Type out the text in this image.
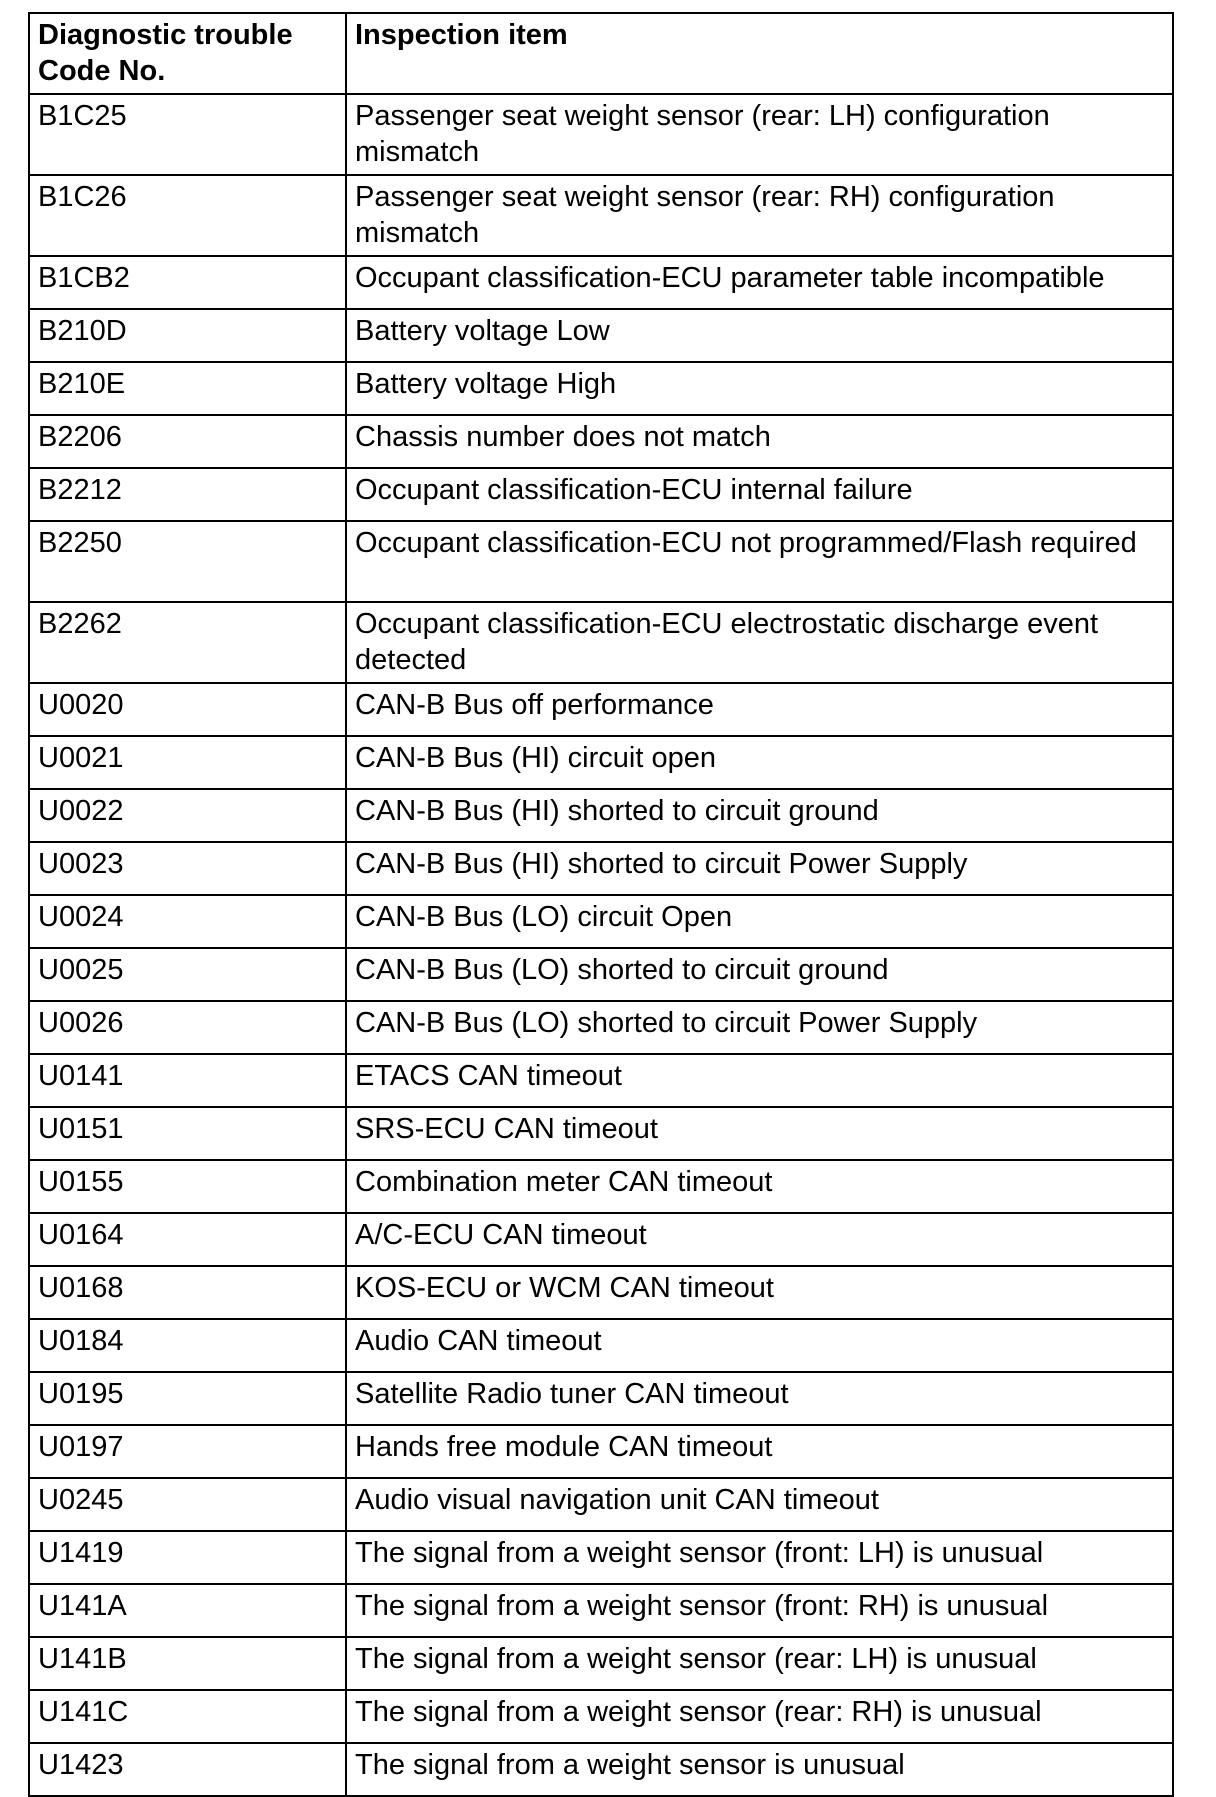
Diagnostic trouble Code No.	Inspection item
B1C25	Passenger seat weight sensor (rear: LH) configuration mismatch
B1C26	Passenger seat weight sensor (rear: RH) configuration mismatch
B1CB2	Occupant classification-ECU parameter table incompatible
B210D	Battery voltage Low
B210E	Battery voltage High
B2206	Chassis number does not match
B2212	Occupant classification-ECU internal failure
B2250	Occupant classification-ECU not programmed/Flash required
B2262	Occupant classification-ECU electrostatic discharge event detected
U0020	CAN-B Bus off performance
U0021	CAN-B Bus (HI) circuit open
U0022	CAN-B Bus (HI) shorted to circuit ground
U0023	CAN-B Bus (HI) shorted to circuit Power Supply
U0024	CAN-B Bus (LO) circuit Open
U0025	CAN-B Bus (LO) shorted to circuit ground
U0026	CAN-B Bus (LO) shorted to circuit Power Supply
U0141	ETACS CAN timeout
U0151	SRS-ECU CAN timeout
U0155	Combination meter CAN timeout
U0164	A/C-ECU CAN timeout
U0168	KOS-ECU or WCM CAN timeout
U0184	Audio CAN timeout
U0195	Satellite Radio tuner CAN timeout
U0197	Hands free module CAN timeout
U0245	Audio visual navigation unit CAN timeout
U1419	The signal from a weight sensor (front: LH) is unusual
U141A	The signal from a weight sensor (front: RH) is unusual
U141B	The signal from a weight sensor (rear: LH) is unusual
U141C	The signal from a weight sensor (rear: RH) is unusual
U1423	The signal from a weight sensor is unusual
